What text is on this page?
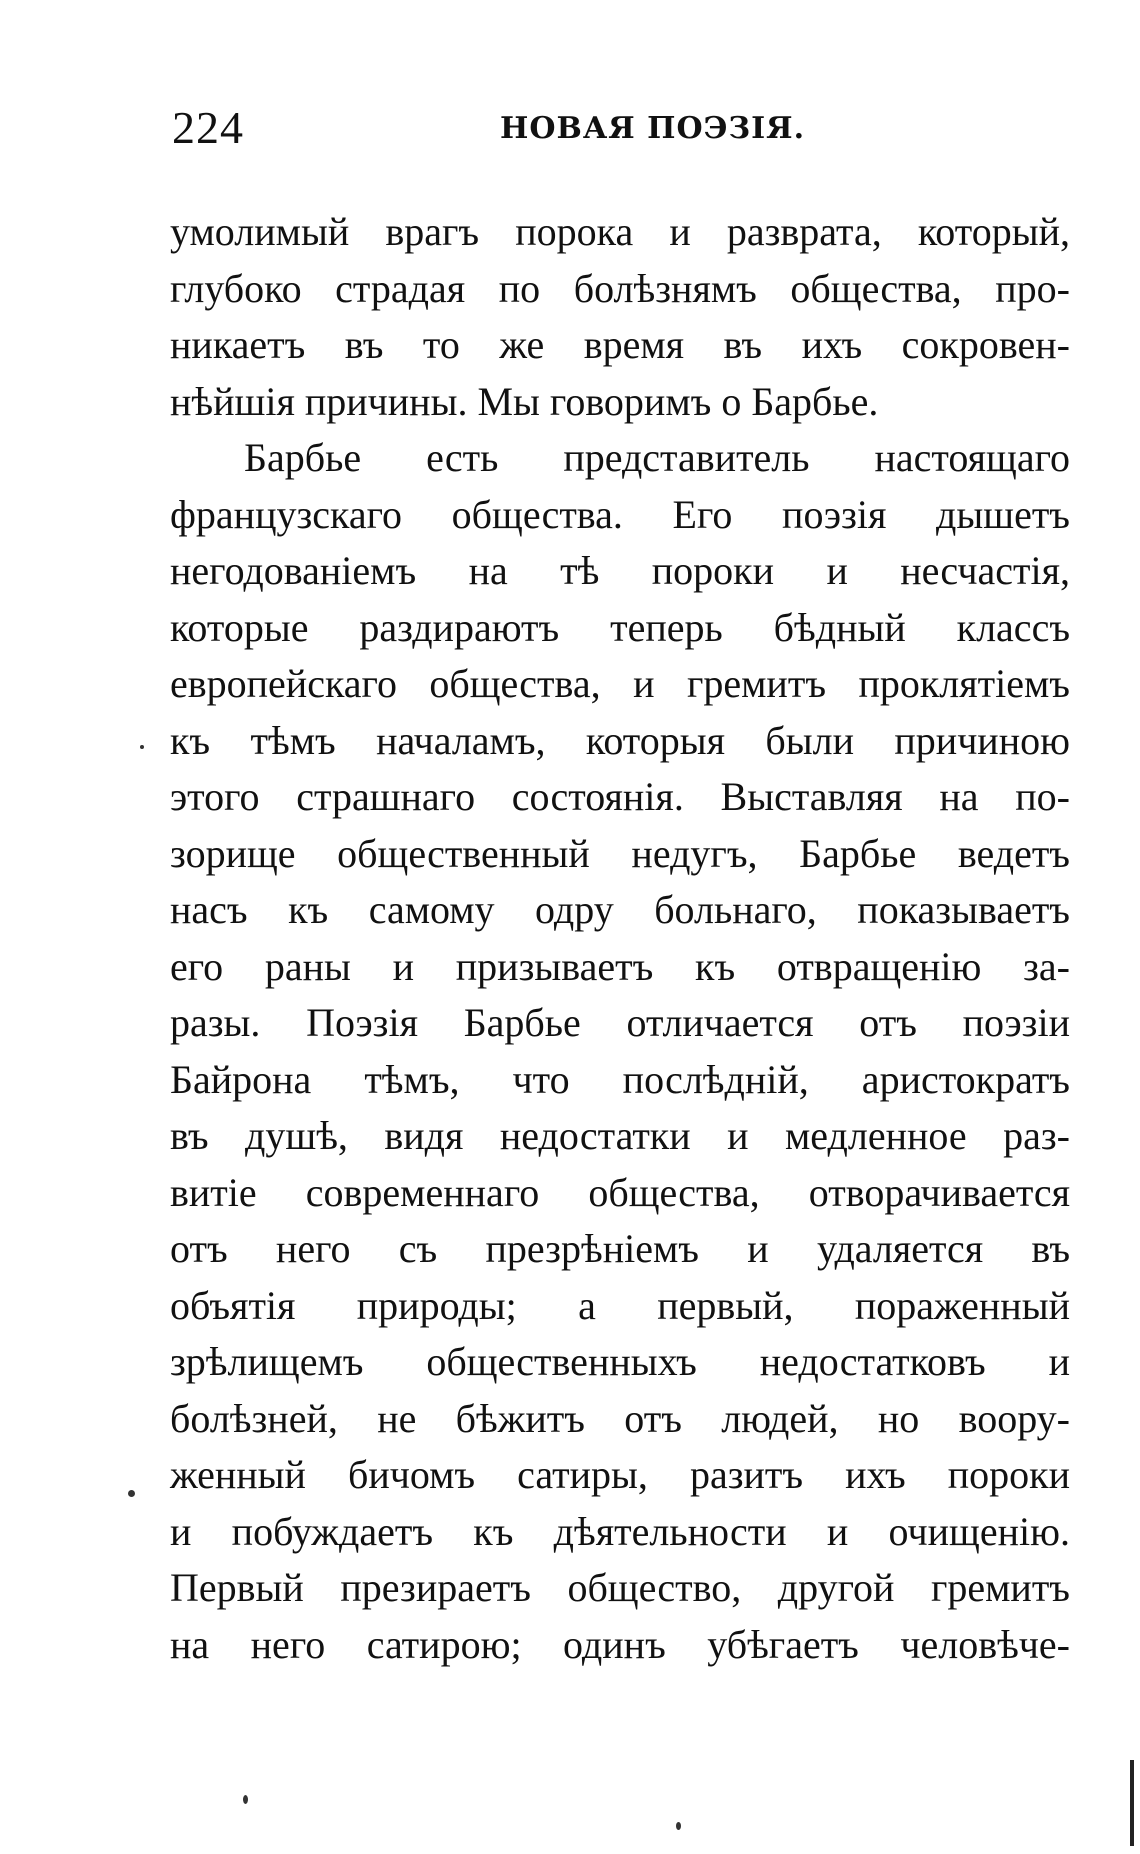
224	НОВАЯ ПОЭЗІЯ.
умолимый врагъ порока и разврата, который,
глубоко страдая по болѣзнямъ общества, про-
никаетъ въ то же время въ ихъ сокровен-
нѣйшія причины. Мы говоримъ о Барбье.
Барбье есть представитель настоящаго
французскаго общества. Его поэзія дышетъ
негодованіемъ на тѣ пороки и несчастія,
которые раздираютъ теперь бѣдный классъ
европейскаго общества, и гремитъ проклятіемъ
къ тѣмъ началамъ, которыя были причиною
этого страшнаго состоянія. Выставляя на по-
зорище общественный недугъ, Барбье ведетъ
насъ къ самому одру больнаго, показываетъ
его раны и призываетъ къ отвращенію за-
разы. Поэзія Барбье отличается отъ поэзіи
Байрона тѣмъ, что послѣдній, аристократъ
въ душѣ, видя недостатки и медленное раз-
витіе современнаго общества, отворачивается
отъ него съ презрѣніемъ и удаляется въ
объятія природы; а первый, пораженный
зрѣлищемъ общественныхъ недостатковъ и
болѣзней, не бѣжитъ отъ людей, но воору-
женный бичомъ сатиры, разитъ ихъ пороки
и побуждаетъ къ дѣятельности и очищенію.
Первый презираетъ общество, другой гремитъ
на него сатирою; одинъ убѣгаетъ человѣче-
